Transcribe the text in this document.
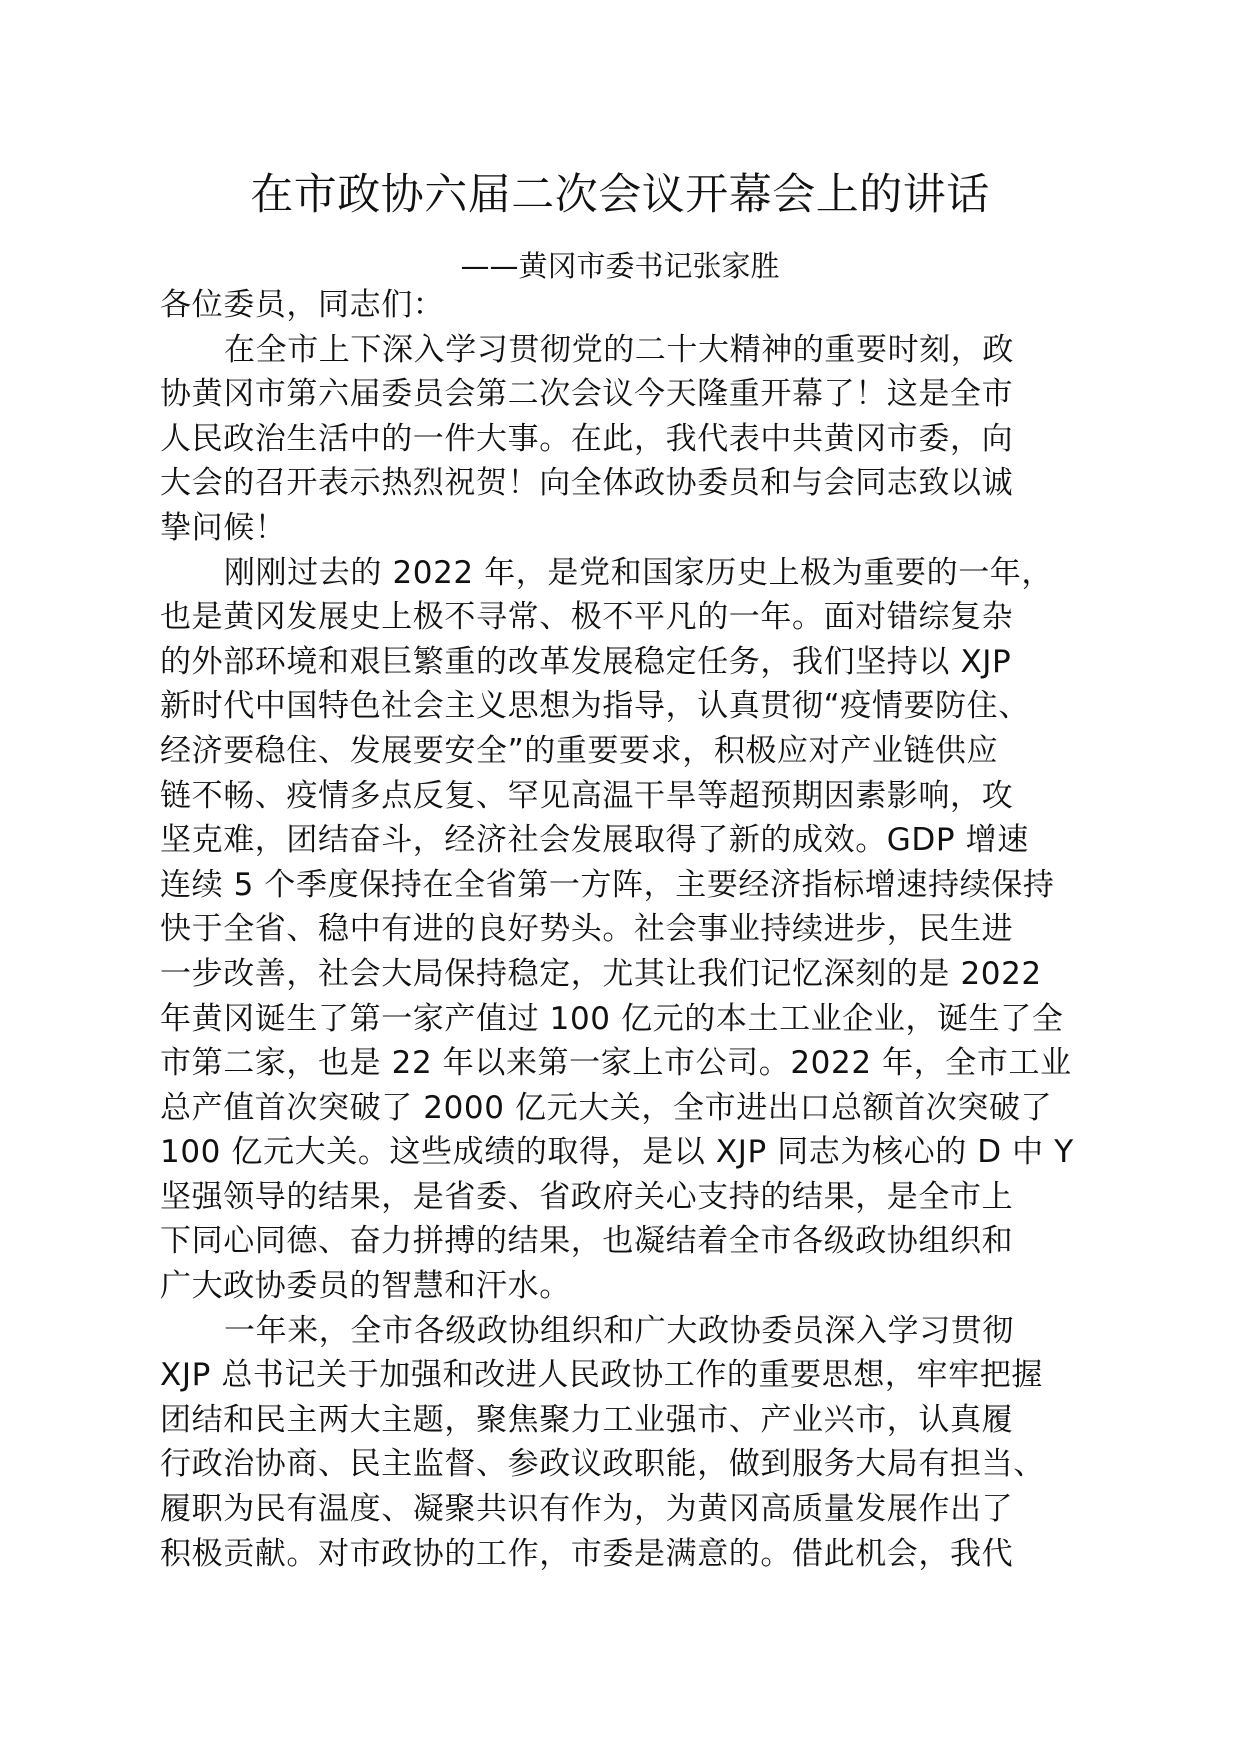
在市政协六届二次会议开幕会上的讲话
——黄冈市委书记张家胜
各位委员，同志们：
在全市上下深入学习贯彻党的二十大精神的重要时刻，政
协黄冈市第六届委员会第二次会议今天隆重开幕了！这是全市
人民政治生活中的一件大事。在此，我代表中共黄冈市委，向
大会的召开表示热烈祝贺！向全体政协委员和与会同志致以诚
挚问候！
刚刚过去的 2022 年，是党和国家历史上极为重要的一年，
也是黄冈发展史上极不寻常、极不平凡的一年。面对错综复杂
的外部环境和艰巨繁重的改革发展稳定任务，我们坚持以 XJP
新时代中国特色社会主义思想为指导，认真贯彻“疫情要防住、
经济要稳住、发展要安全”的重要要求，积极应对产业链供应
链不畅、疫情多点反复、罕见高温干旱等超预期因素影响，攻
坚克难，团结奋斗，经济社会发展取得了新的成效。GDP 增速
连续 5 个季度保持在全省第一方阵，主要经济指标增速持续保持
快于全省、稳中有进的良好势头。社会事业持续进步，民生进
一步改善，社会大局保持稳定，尤其让我们记忆深刻的是 2022
年黄冈诞生了第一家产值过 100 亿元的本土工业企业，诞生了全
市第二家，也是 22 年以来第一家上市公司。2022 年，全市工业
总产值首次突破了 2000 亿元大关，全市进出口总额首次突破了
100 亿元大关。这些成绩的取得，是以 XJP 同志为核心的 D 中 Y
坚强领导的结果，是省委、省政府关心支持的结果，是全市上
下同心同德、奋力拼搏的结果，也凝结着全市各级政协组织和
广大政协委员的智慧和汗水。
一年来，全市各级政协组织和广大政协委员深入学习贯彻
XJP 总书记关于加强和改进人民政协工作的重要思想，牢牢把握
团结和民主两大主题，聚焦聚力工业强市、产业兴市，认真履
行政治协商、民主监督、参政议政职能，做到服务大局有担当、
履职为民有温度、凝聚共识有作为，为黄冈高质量发展作出了
积极贡献。对市政协的工作，市委是满意的。借此机会，我代
